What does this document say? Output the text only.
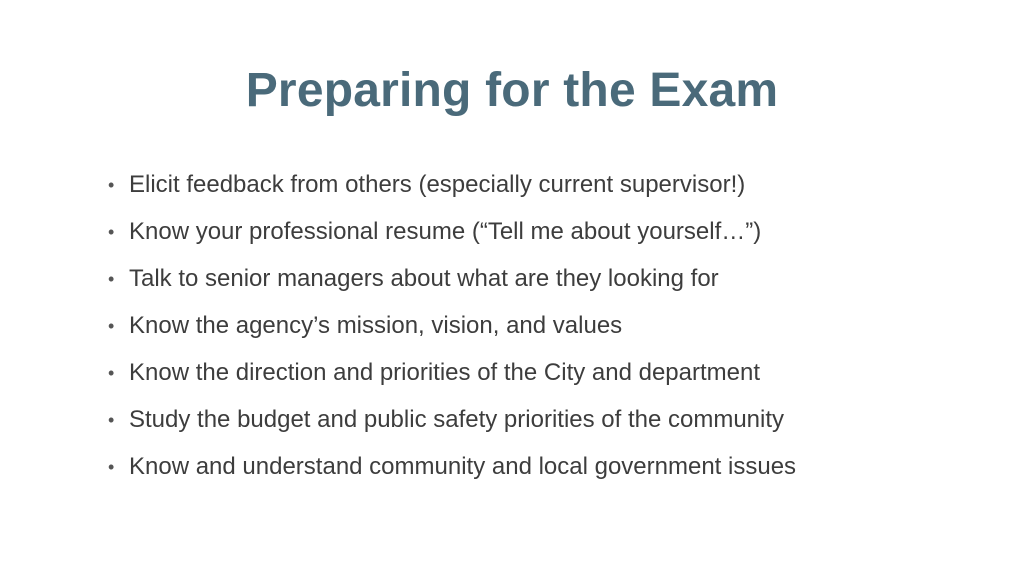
Preparing for the Exam
• Elicit feedback from others (especially current supervisor!)
• Know your professional resume (“Tell me about yourself…”)
• Talk to senior managers about what are they looking for
• Know the agency’s mission, vision, and values
• Know the direction and priorities of the City and department
• Study the budget and public safety priorities of the community
• Know and understand community and local government issues
